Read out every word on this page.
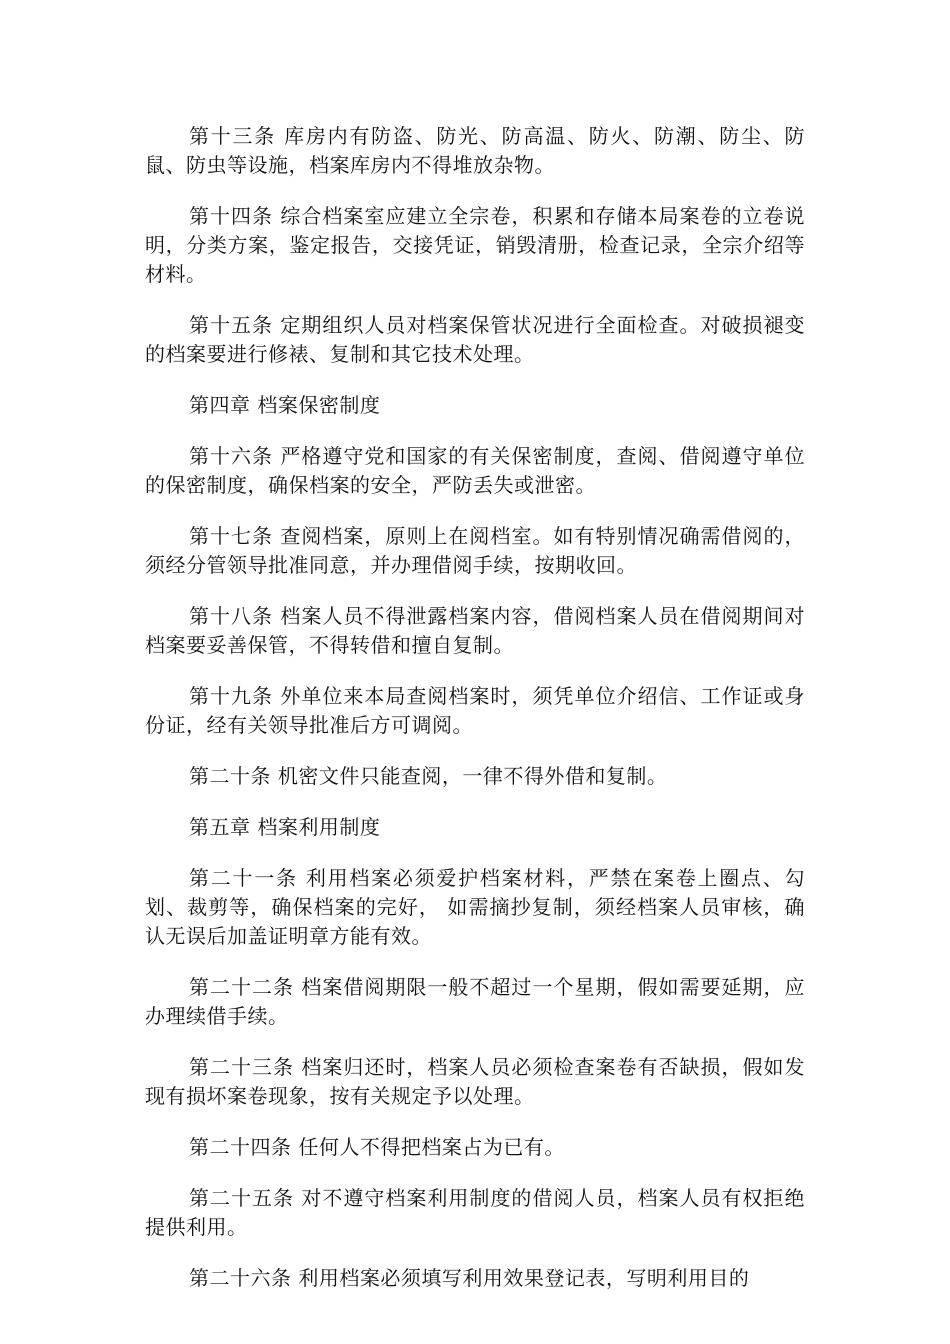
第十三条 库房内有防盗、防光、防高温、防火、防潮、防尘、防鼠、防虫等设施，档案库房内不得堆放杂物。

第十四条 综合档案室应建立全宗卷，积累和存储本局案卷的立卷说明，分类方案，鉴定报告，交接凭证，销毁清册，检查记录，全宗介绍等材料。

第十五条 定期组织人员对档案保管状况进行全面检查。对破损褪变的档案要进行修裱、复制和其它技术处理。

第四章 档案保密制度

第十六条 严格遵守党和国家的有关保密制度，查阅、借阅遵守单位的保密制度，确保档案的安全，严防丢失或泄密。

第十七条 查阅档案，原则上在阅档室。如有特别情况确需借阅的，须经分管领导批准同意，并办理借阅手续，按期收回。

第十八条 档案人员不得泄露档案内容，借阅档案人员在借阅期间对档案要妥善保管，不得转借和擅自复制。

第十九条 外单位来本局查阅档案时，须凭单位介绍信、工作证或身份证，经有关领导批准后方可调阅。

第二十条 机密文件只能查阅，一律不得外借和复制。

第五章 档案利用制度

第二十一条 利用档案必须爱护档案材料，严禁在案卷上圈点、勾划、裁剪等，确保档案的完好， 如需摘抄复制，须经档案人员审核，确认无误后加盖证明章方能有效。

第二十二条 档案借阅期限一般不超过一个星期，假如需要延期，应办理续借手续。

第二十三条 档案归还时，档案人员必须检查案卷有否缺损，假如发现有损坏案卷现象，按有关规定予以处理。

第二十四条 任何人不得把档案占为已有。

第二十五条 对不遵守档案利用制度的借阅人员，档案人员有权拒绝提供利用。

第二十六条 利用档案必须填写利用效果登记表，写明利用目的
